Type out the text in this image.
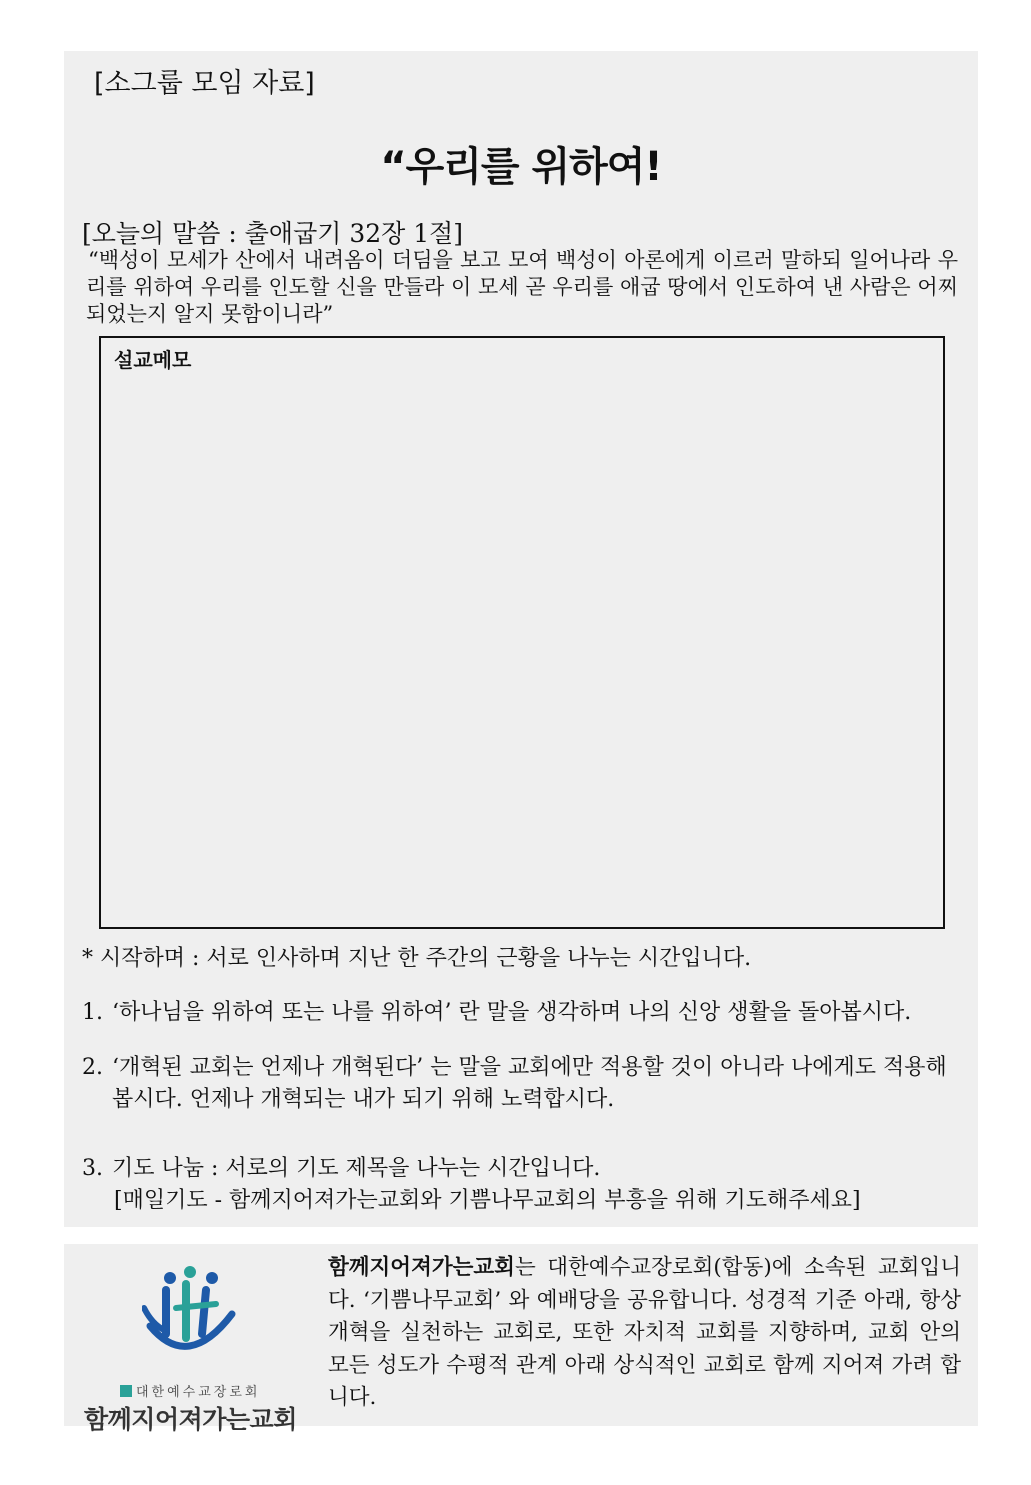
[소그룹 모임 자료]
“우리를 위하여!
[오늘의 말씀 : 출애굽기 32장 1절]
“백성이 모세가 산에서 내려옴이 더딤을 보고 모여 백성이 아론에게 이르러 말하되 일어나라 우리를 위하여 우리를 인도할 신을 만들라 이 모세 곧 우리를 애굽 땅에서 인도하여 낸 사람은 어찌 되었는지 알지 못함이니라”
설교메모
* 시작하며 : 서로 인사하며 지난 한 주간의 근황을 나누는 시간입니다.
1. ‘하나님을 위하여 또는 나를 위하여’ 란 말을 생각하며 나의 신앙 생활을 돌아봅시다.
2.‘개혁된 교회는 언제나 개혁된다’ 는 말을 교회에만 적용할 것이 아니라 나에게도 적용해
봅시다. 언제나 개혁되는 내가 되기 위해 노력합시다.
3. 기도 나눔 : 서로의 기도 제목을 나누는 시간입니다.
[매일기도 - 함께지어져가는교회와 기쁨나무교회의 부흥을 위해 기도해주세요]
대한예수교장로회
함께지어져가는교회
함께지어져가는교회는 대한예수교장로회(합동)에 소속된 교회입니다. ‘기쁨나무교회’ 와 예배당을 공유합니다. 성경적 기준 아래, 항상 개혁을 실천하는 교회로, 또한 자치적 교회를 지향하며, 교회 안의 모든 성도가 수평적 관계 아래 상식적인 교회로 함께 지어져 가려 합니다.
